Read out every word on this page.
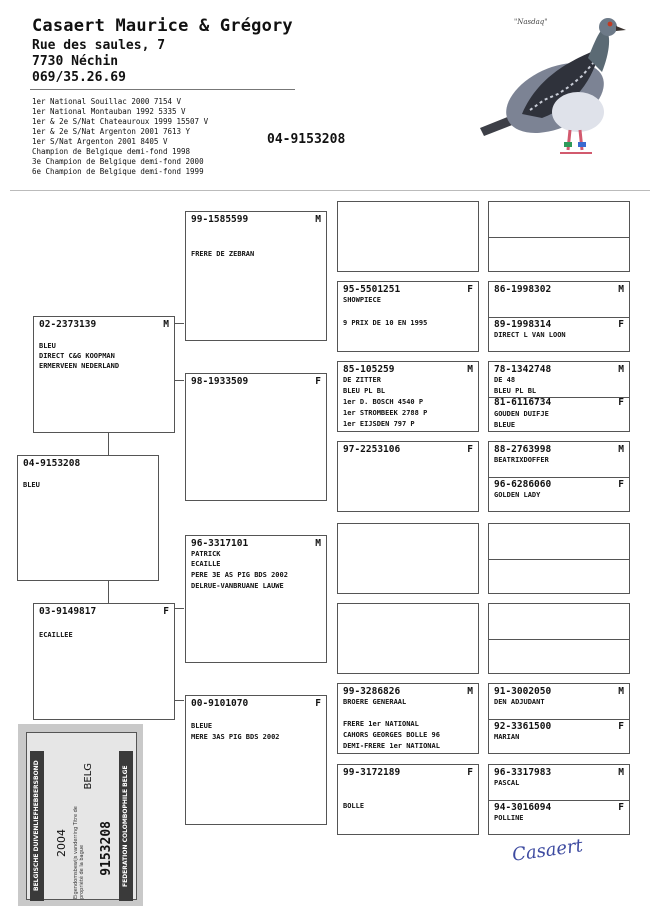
Casaert Maurice & Grégory
Rue des saules, 7
7730 Néchin
069/35.26.69
1er National Souillac 2000 7154 V
1er National Montauban 1992 5335 V
1er & 2e S/Nat Chateauroux 1999 15507 V
1er & 2e S/Nat Argenton 2001 7613 Y
1er S/Nat Argenton 2001 8405 V
Champion de Belgique demi-fond 1998
3e Champion de Belgique demi-fond 2000
6e Champion de Belgique demi-fond 1999
04-9153208
"Nasdaq"
04-9153208
BLEU
02-2373139	M
BLEU
DIRECT C&G KOOPMAN
ERMERVEEN NEDERLAND
03-9149817	F
ECAILLEE
99-1585599	M
FRERE DE ZEBRAN
98-1933509	F
96-3317101	M
PATRICK
ECAILLE
PERE 3E AS PIG BDS 2002
DELRUE-VANBRUANE LAUWE
00-9101070	F
BLEUE
MERE 3AS PIG BDS 2002
95-5501251	F
SHOWPIECE
9 PRIX DE 10 EN 1995
85-105259	M
DE ZITTER
BLEU PL BL
1er D. BOSCH 4540 P
1er STROMBEEK 2788 P
1er EIJSDEN 797 P
97-2253106	F
99-3286826	M
BROERE GENERAAL
FRERE 1er NATIONAL
CAHORS GEORGES BOLLE 96
DEMI-FRERE 1er NATIONAL
99-3172189	F
BOLLE
86-1998302	M
89-1998314	F
DIRECT L VAN LOON
78-1342748	M
DE 48
BLEU PL BL
81-6116734	F
GOUDEN DUIFJE
BLEUE
88-2763998	M
BEATRIXDOFFER
96-6286060	F
GOLDEN LADY
91-3002050	M
DEN ADJUDANT
92-3361500	F
MARIAN
96-3317983	M
PASCAL
94-3016094	F
POLLINE
BELGISCHE DUIVENLIEFHEBBERSBOND	FEDERATION COLOMBOPHILE BELGE
2004
BELG
Eigendomsbewijs vanderring Titre de propriété de la bague	9153208	Casaert
